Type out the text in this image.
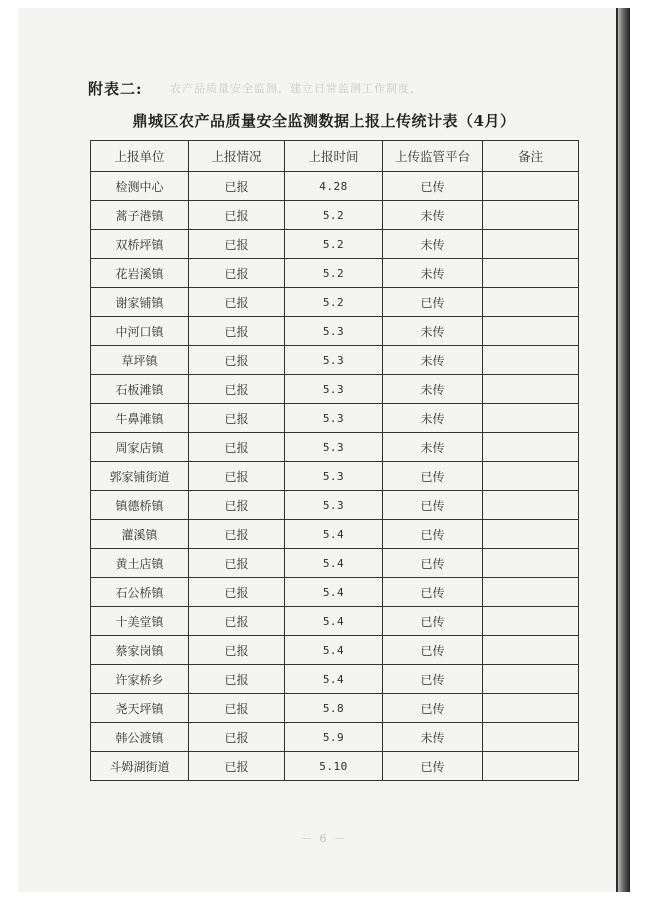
农产品质量安全监测，建立日常监测工作制度，
附表二:
鼎城区农产品质量安全监测数据上报上传统计表（4月）
上报单位	上报情况	上报时间	上传监管平台	备注
检测中心	已报	4.28	已传	
蒿子港镇	已报	5.2	未传	
双桥坪镇	已报	5.2	未传	
花岩溪镇	已报	5.2	未传	
谢家铺镇	已报	5.2	已传	
中河口镇	已报	5.3	未传	
草坪镇	已报	5.3	未传	
石板滩镇	已报	5.3	未传	
牛鼻滩镇	已报	5.3	未传	
周家店镇	已报	5.3	未传	
郭家铺街道	已报	5.3	已传	
镇德桥镇	已报	5.3	已传	
灌溪镇	已报	5.4	已传	
黄土店镇	已报	5.4	已传	
石公桥镇	已报	5.4	已传	
十美堂镇	已报	5.4	已传	
蔡家岗镇	已报	5.4	已传	
许家桥乡	已报	5.4	已传	
尧天坪镇	已报	5.8	已传	
韩公渡镇	已报	5.9	未传	
斗姆湖街道	已报	5.10	已传	
－ 6 －
